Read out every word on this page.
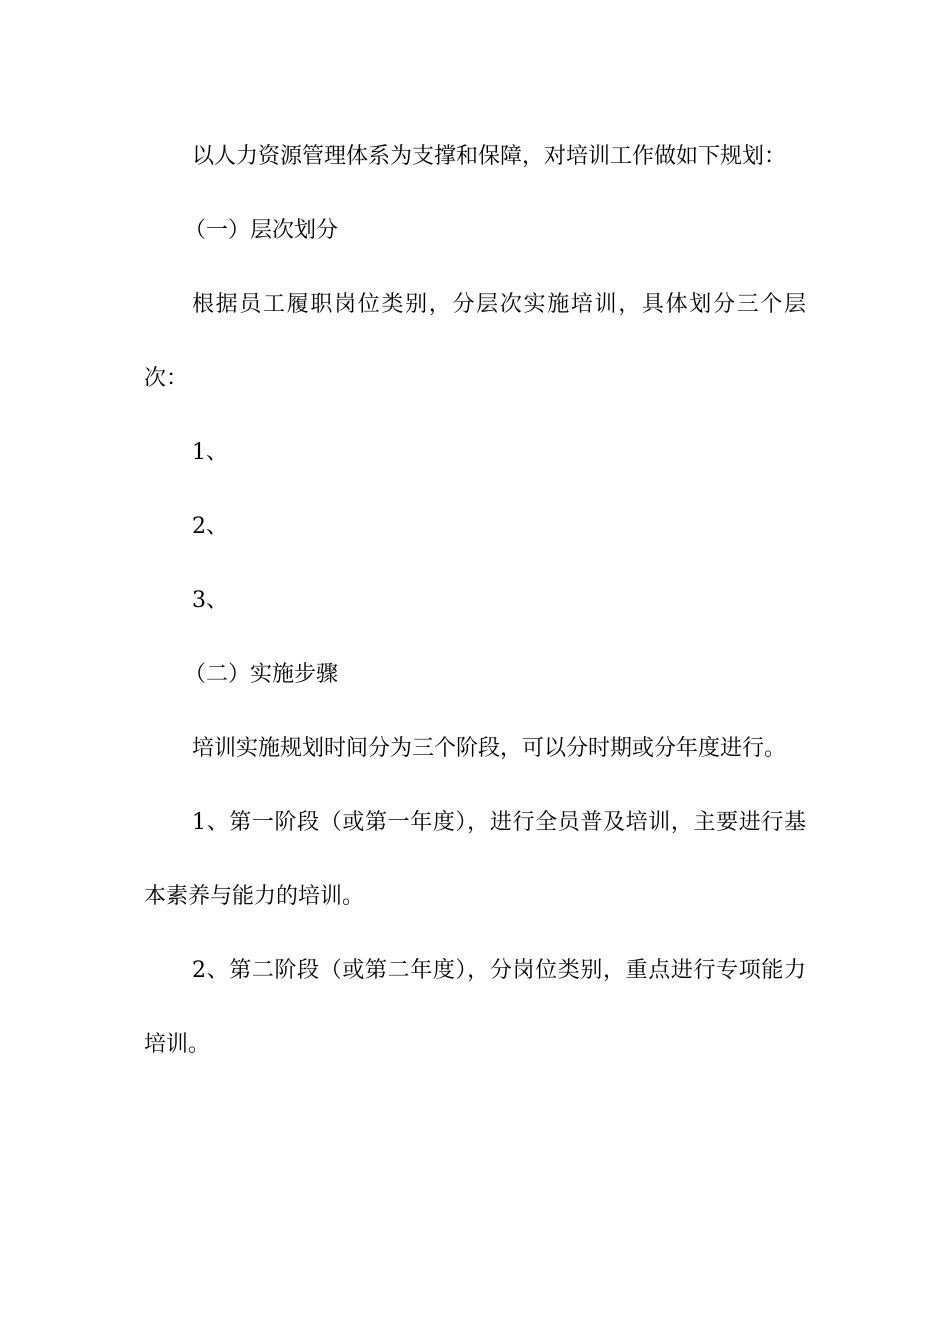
以人力资源管理体系为支撑和保障，对培训工作做如下规划：

（一）层次划分

根据员工履职岗位类别，分层次实施培训，具体划分三个层次：

1、

2、

3、

（二）实施步骤

培训实施规划时间分为三个阶段，可以分时期或分年度进行。

1、第一阶段（或第一年度），进行全员普及培训，主要进行基本素养与能力的培训。

2、第二阶段（或第二年度），分岗位类别，重点进行专项能力培训。
